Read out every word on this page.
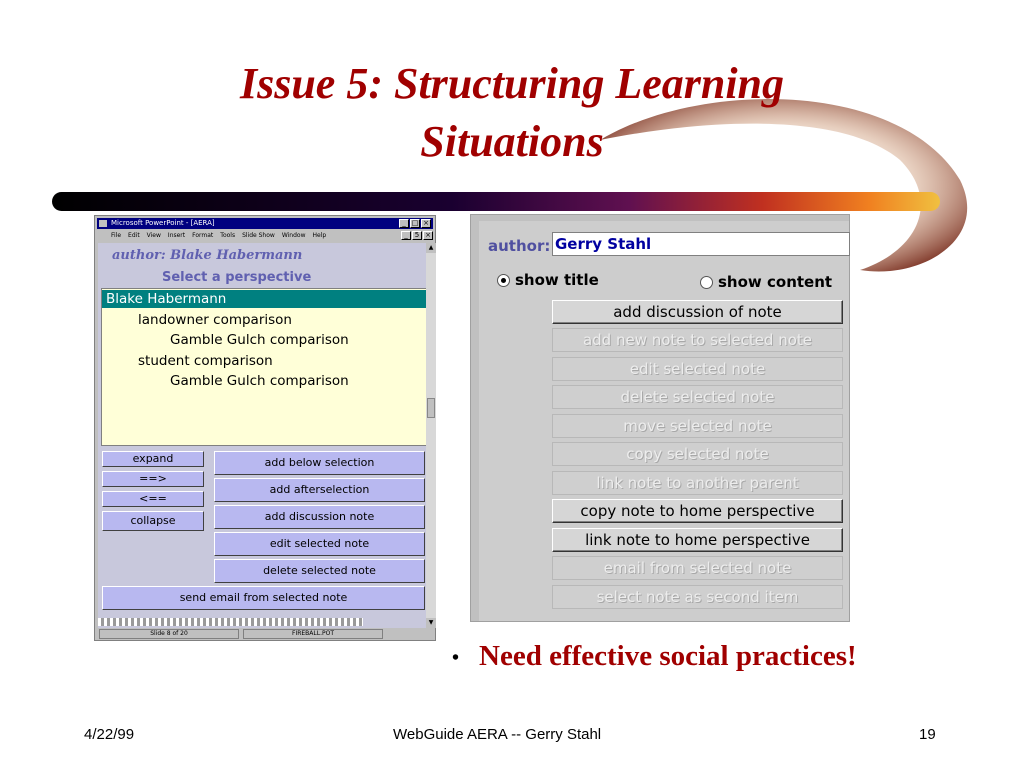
Issue 5: Structuring Learning
Situations
Microsoft PowerPoint - [AERA]	_ □ ×
File Edit View Insert Format Tools Slide Show Window Help	_	5 ×
author: Blake Habermann
Select a perspective
Blake Habermann
landowner comparison
Gamble Gulch comparison
student comparison
Gamble Gulch comparison
expand
==>
<==
collapse
add below selection
add afterselection
add discussion note
edit selected note
delete selected note
send email from selected note
▲
▼
Slide 8 of 20	FIREBALL.POT
author: Gerry Stahl
show title	show content
add discussion of note
add new note to selected note
edit selected note
delete selected note
move selected note
copy selected note
link note to another parent
copy note to home perspective
link note to home perspective
email from selected note
select note as second item
• Need effective social practices!
4/22/99	WebGuide AERA -- Gerry Stahl	19
